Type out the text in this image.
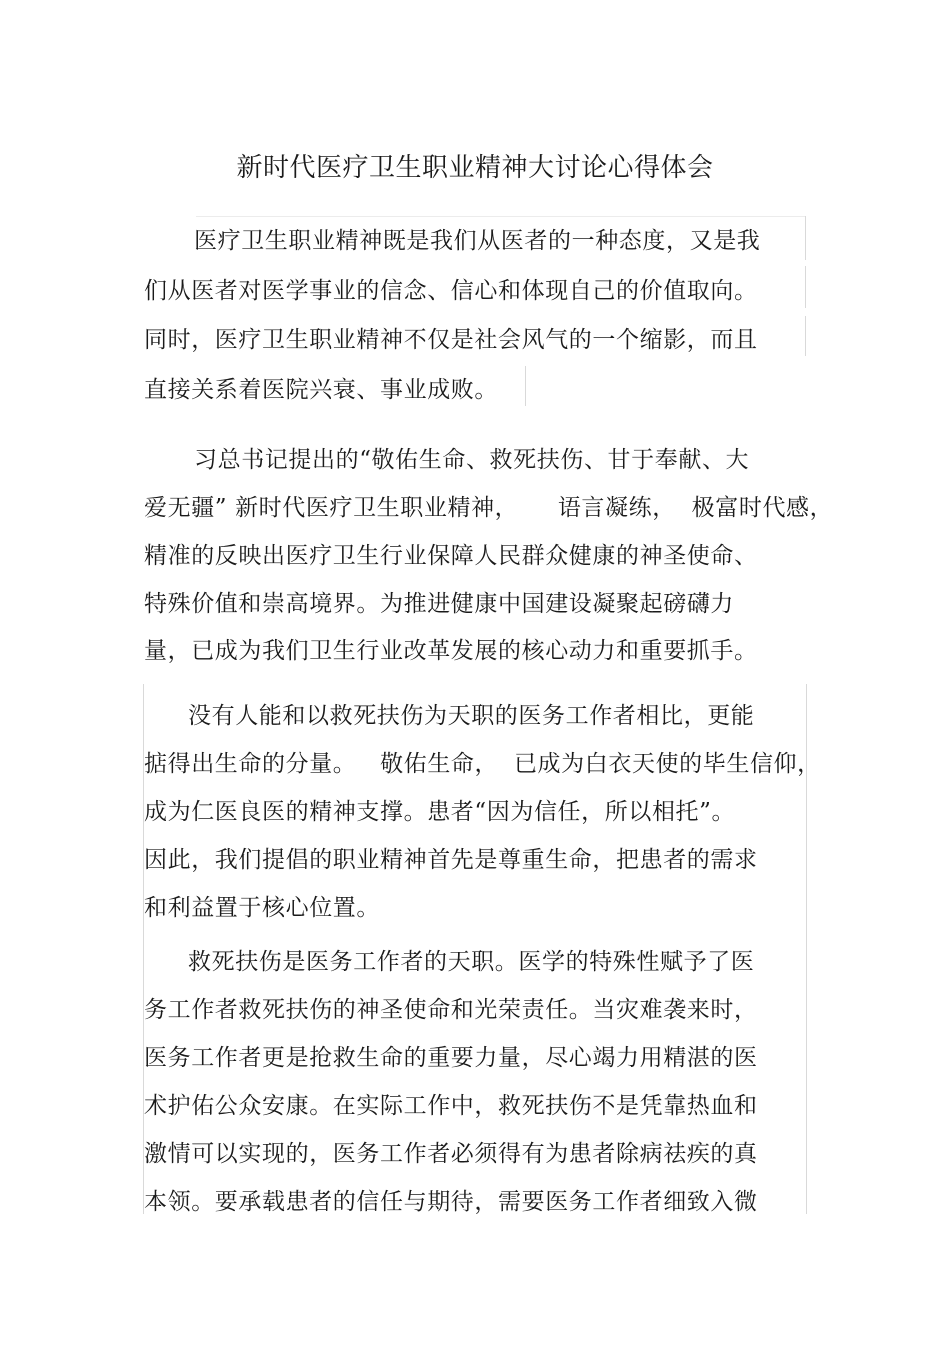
新时代医疗卫生职业精神大讨论心得体会
医疗卫生职业精神既是我们从医者的一种态度，又是我
们从医者对医学事业的信念、信心和体现自己的价值取向。
同时，医疗卫生职业精神不仅是社会风气的一个缩影，而且
直接关系着医院兴衰、事业成败。
习总书记提出的“敬佑生命、救死扶伤、甘于奉献、大
爱无疆” 新时代医疗卫生职业精神，     语言凝练，  极富时代感，
精准的反映出医疗卫生行业保障人民群众健康的神圣使命、
特殊价值和崇高境界。为推进健康中国建设凝聚起磅礴力
量，已成为我们卫生行业改革发展的核心动力和重要抓手。
没有人能和以救死扶伤为天职的医务工作者相比，更能
掂得出生命的分量。   敬佑生命，  已成为白衣天使的毕生信仰，
成为仁医良医的精神支撑。患者“因为信任，所以相托”。
因此，我们提倡的职业精神首先是尊重生命，把患者的需求
和利益置于核心位置。
救死扶伤是医务工作者的天职。医学的特殊性赋予了医
务工作者救死扶伤的神圣使命和光荣责任。当灾难袭来时，
医务工作者更是抢救生命的重要力量，尽心竭力用精湛的医
术护佑公众安康。在实际工作中，救死扶伤不是凭靠热血和
激情可以实现的，医务工作者必须得有为患者除病祛疾的真
本领。要承载患者的信任与期待，需要医务工作者细致入微
